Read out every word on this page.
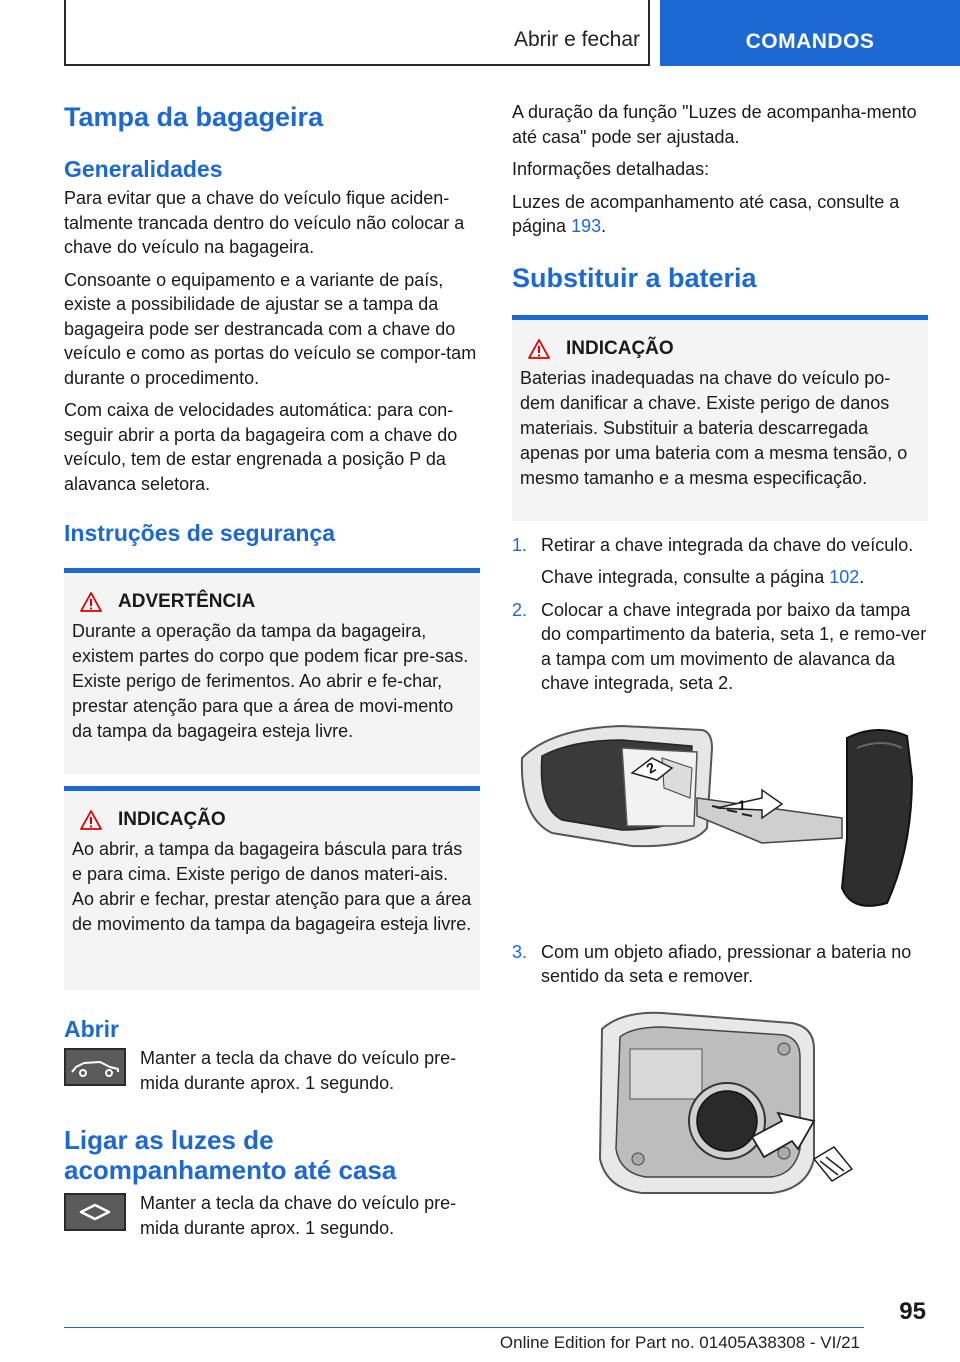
Abrir e fechar	COMANDOS
Tampa da bagageira
Generalidades

Para evitar que a chave do veículo fique aciden-talmente trancada dentro do veículo não colocar a chave do veículo na bagageira.

Consoante o equipamento e a variante de país, existe a possibilidade de ajustar se a tampa da bagageira pode ser destrancada com a chave do veículo e como as portas do veículo se compor-tam durante o procedimento.

Com caixa de velocidades automática: para con-seguir abrir a porta da bagageira com a chave do veículo, tem de estar engrenada a posição P da alavanca seletora.

Instruções de segurança
ADVERTÊNCIA

Durante a operação da tampa da bagageira, existem partes do corpo que podem ficar pre-sas. Existe perigo de ferimentos. Ao abrir e fe-char, prestar atenção para que a área de movi-mento da tampa da bagageira esteja livre.

INDICAÇÃO

Ao abrir, a tampa da bagageira báscula para trás e para cima. Existe perigo de danos materi-ais. Ao abrir e fechar, prestar atenção para que a área de movimento da tampa da bagageira esteja livre.

Abrir

Manter a tecla da chave do veículo pre-mida durante aprox. 1 segundo.

Ligar as luzes de acompanhamento até casa

Manter a tecla da chave do veículo pre-mida durante aprox. 1 segundo.

A duração da função "Luzes de acompanha-mento até casa" pode ser ajustada.

Informações detalhadas:

Luzes de acompanhamento até casa, consulte a página 193.

Substituir a bateria
INDICAÇÃO

Baterias inadequadas na chave do veículo po-dem danificar a chave. Existe perigo de danos materiais. Substituir a bateria descarregada apenas por uma bateria com a mesma tensão, o mesmo tamanho e a mesma especificação.

1. Retirar a chave integrada da chave do veículo.

Chave integrada, consulte a página 102.

2. Colocar a chave integrada por baixo da tampa do compartimento da bateria, seta 1, e remo-ver a tampa com um movimento de alavanca da chave integrada, seta 2.

2
1
3. Com um objeto afiado, pressionar a bateria no sentido da seta e remover.

95
Online Edition for Part no. 01405A38308 - VI/21
